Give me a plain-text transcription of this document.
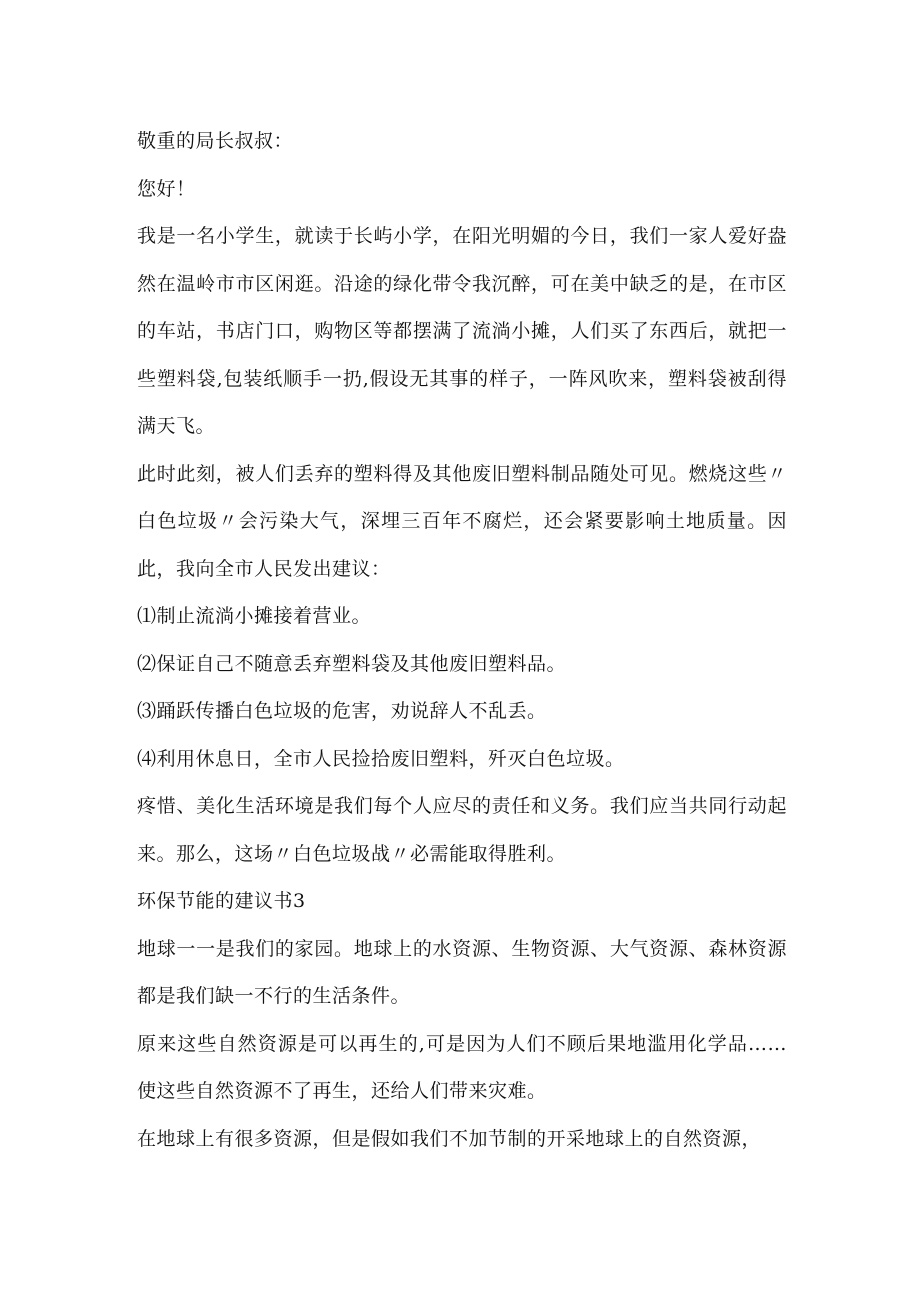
敬重的局长叔叔：

您好！

我是一名小学生，就读于长屿小学，在阳光明媚的今日，我们一家人爱好盎然在温岭市市区闲逛。沿途的绿化带令我沉醉，可在美中缺乏的是，在市区的车站，书店门口，购物区等都摆满了流淌小摊，人们买了东西后，就把一些塑料袋,包装纸顺手一扔,假设无其事的样子，一阵风吹来，塑料袋被刮得满天飞。

此时此刻，被人们丢弃的塑料得及其他废旧塑料制品随处可见。燃烧这些〃白色垃圾〃会污染大气，深埋三百年不腐烂，还会紧要影响土地质量。因此，我向全市人民发出建议：

⑴制止流淌小摊接着营业。

⑵保证自己不随意丢弃塑料袋及其他废旧塑料品。

⑶踊跃传播白色垃圾的危害，劝说辞人不乱丢。

⑷利用休息日，全市人民捡拾废旧塑料，歼灭白色垃圾。

疼惜、美化生活环境是我们每个人应尽的责任和义务。我们应当共同行动起来。那么，这场〃白色垃圾战〃必需能取得胜利。

环保节能的建议书3

地球一一是我们的家园。地球上的水资源、生物资源、大气资源、森林资源都是我们缺一不行的生活条件。

原来这些自然资源是可以再生的,可是因为人们不顾后果地滥用化学品……使这些自然资源不了再生，还给人们带来灾难。

在地球上有很多资源，但是假如我们不加节制的开采地球上的自然资源，
